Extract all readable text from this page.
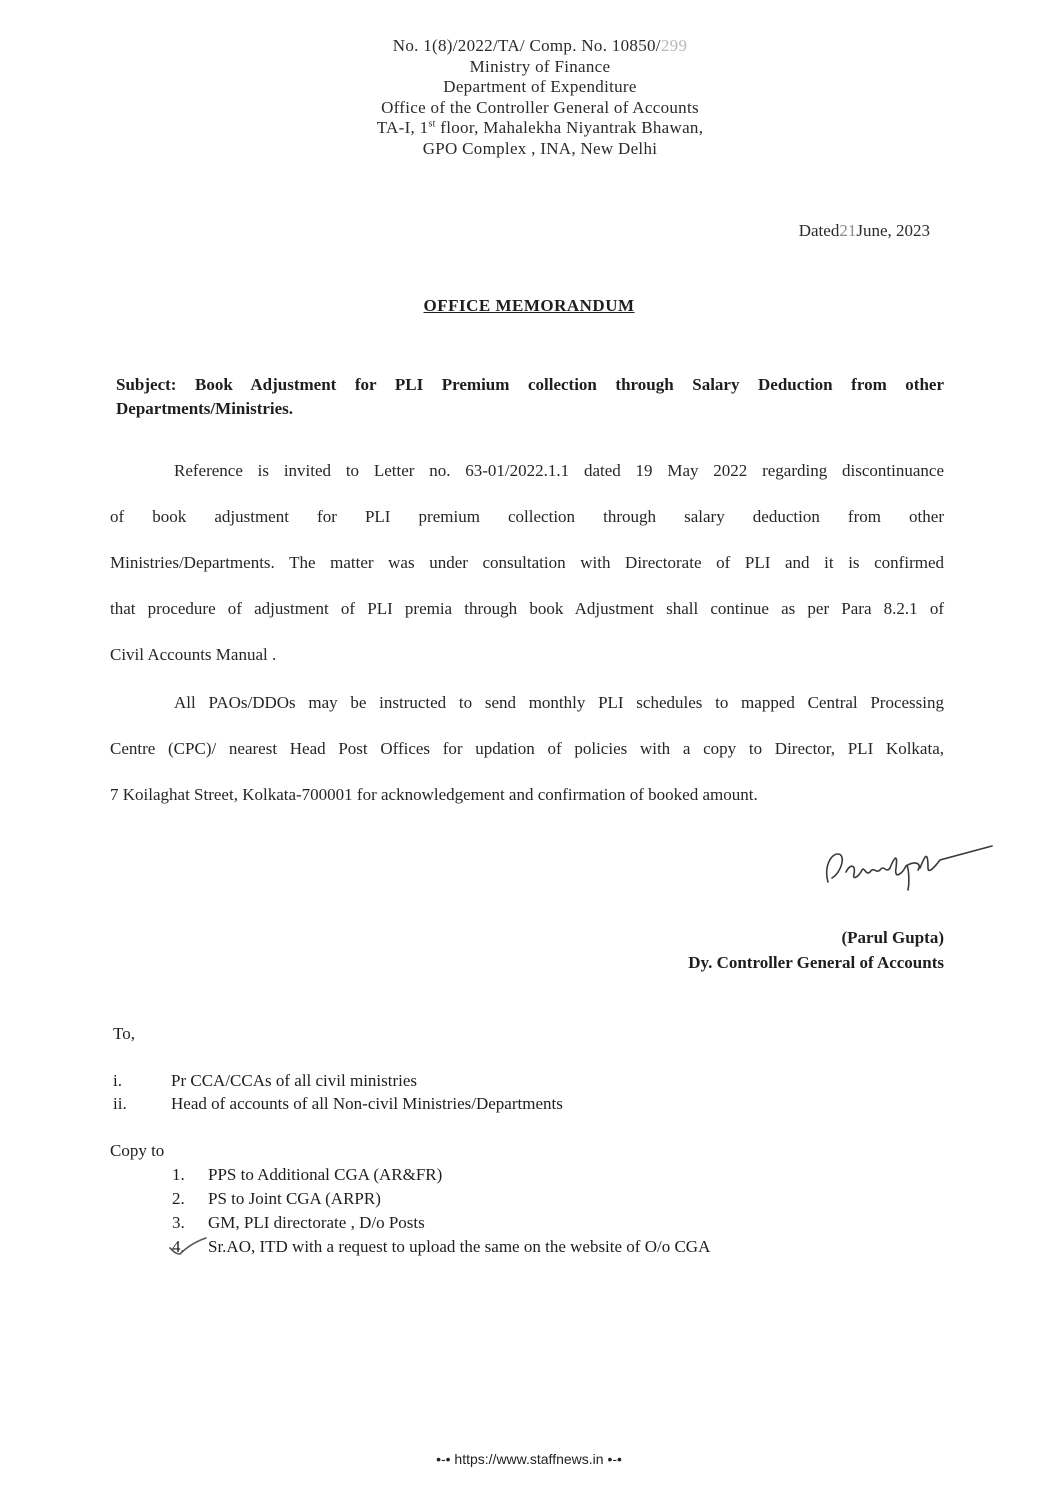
No. 1(8)/2022/TA/ Comp. No. 10850/299
Ministry of Finance
Department of Expenditure
Office of the Controller General of Accounts
TA-I, 1st floor, Mahalekha Niyantrak Bhawan,
GPO Complex , INA, New Delhi
Dated21June, 2023
OFFICE MEMORANDUM
Subject: Book Adjustment for PLI Premium collection through Salary Deduction from other
Departments/Ministries.
Reference is invited to Letter no. 63-01/2022.1.1 dated 19 May 2022 regarding discontinuance
of book adjustment for PLI premium collection through salary deduction from other
Ministries/Departments. The matter was under consultation with Directorate of PLI and it is confirmed
that procedure of adjustment of PLI premia through book Adjustment shall continue as per Para 8.2.1 of
Civil Accounts Manual .
All PAOs/DDOs may be instructed to send monthly PLI schedules to mapped Central Processing
Centre (CPC)/ nearest Head Post Offices for updation of policies with a copy to Director, PLI Kolkata,
7 Koilaghat Street, Kolkata-700001 for acknowledgement and confirmation of booked amount.
(Parul Gupta)
Dy. Controller General of Accounts
To,
i.	Pr CCA/CCAs of all civil ministries
ii.	Head of accounts of all Non-civil Ministries/Departments
Copy to
1. PPS to Additional CGA (AR&FR)
2. PS to Joint CGA (ARPR)
3. GM, PLI directorate , D/o Posts
4. Sr.AO, ITD with a request to upload the same on the website of O/o CGA
•-• https://www.staffnews.in •-•
